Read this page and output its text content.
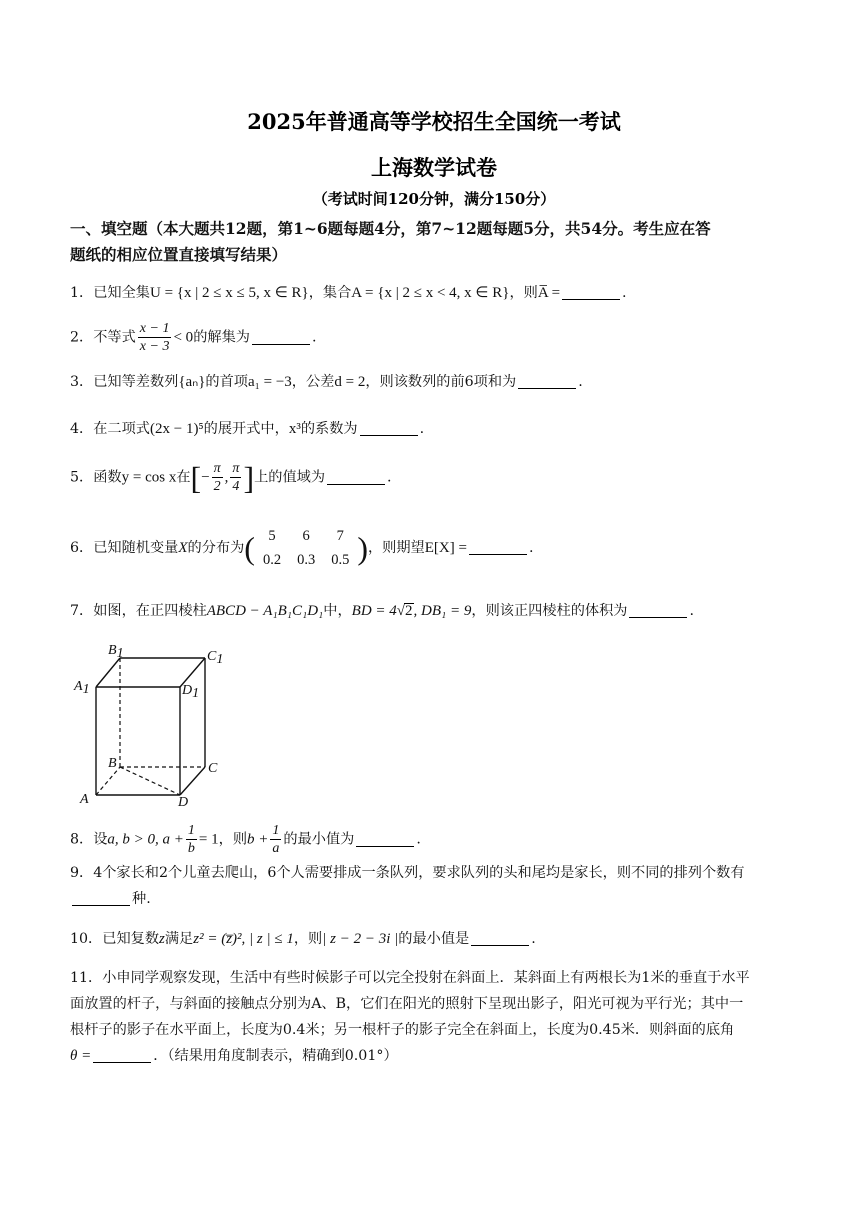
2025年普通高等学校招生全国统一考试
上海数学试卷
（考试时间120分钟，满分150分）
一、填空题（本大题共12题，第1~6题每题4分，第7~12题每题5分，共54分。考生应在答
题纸的相应位置直接填写结果）
1．已知全集U = {x | 2 ≤ x ≤ 5, x ∈ R}，集合A = {x | 2 ≤ x < 4, x ∈ R}，则A̅ =	.
2．不等式 $\frac{x - 1}{x - 3} < 0$的解集为	.
3．已知等差数列{aₙ}的首项a₁ = −3，公差d = 2，则该数列的前6项和为	.
4．在二项式(2x − 1)⁵的展开式中，x³的系数为	.
5．函数y = cos x在[− $\frac{\pi}{2}$ , $\frac{\pi}{4}$ ]上的值域为	.
6．已知随机变量X的分布为( 5	6	7
0.2	0.3	0.5 )，则期望E[X] =	.
7．如图，在正四棱柱ABCD − A₁B₁C₁D₁中，BD = 4√2, DB₁ = 9，则该正四棱柱的体积为	.
B1	C1
A1	D1
B	C
A	D
8．设a, b > 0, $a + \frac{1}{b} = 1$，则$b + \frac{1}{a}$ 的最小值为	.
9．4个家长和2个儿童去爬山，6个人需要排成一条队列，要求队列的头和尾均是家长，则不同的排列个数有
种.
10．已知复数z满足z² = (z̅)², | z | ≤ 1，则| z − 2 − 3i |的最小值是	.
11．小申同学观察发现，生活中有些时候影子可以完全投射在斜面上．某斜面上有两根长为1米的垂直于水平
面放置的杆子，与斜面的接触点分别为A、B，它们在阳光的照射下呈现出影子，阳光可视为平行光；其中一
根杆子的影子在水平面上，长度为0.4米；另一根杆子的影子完全在斜面上，长度为0.45米．则斜面的底角
θ =	．（结果用角度制表示，精确到0.01°）
